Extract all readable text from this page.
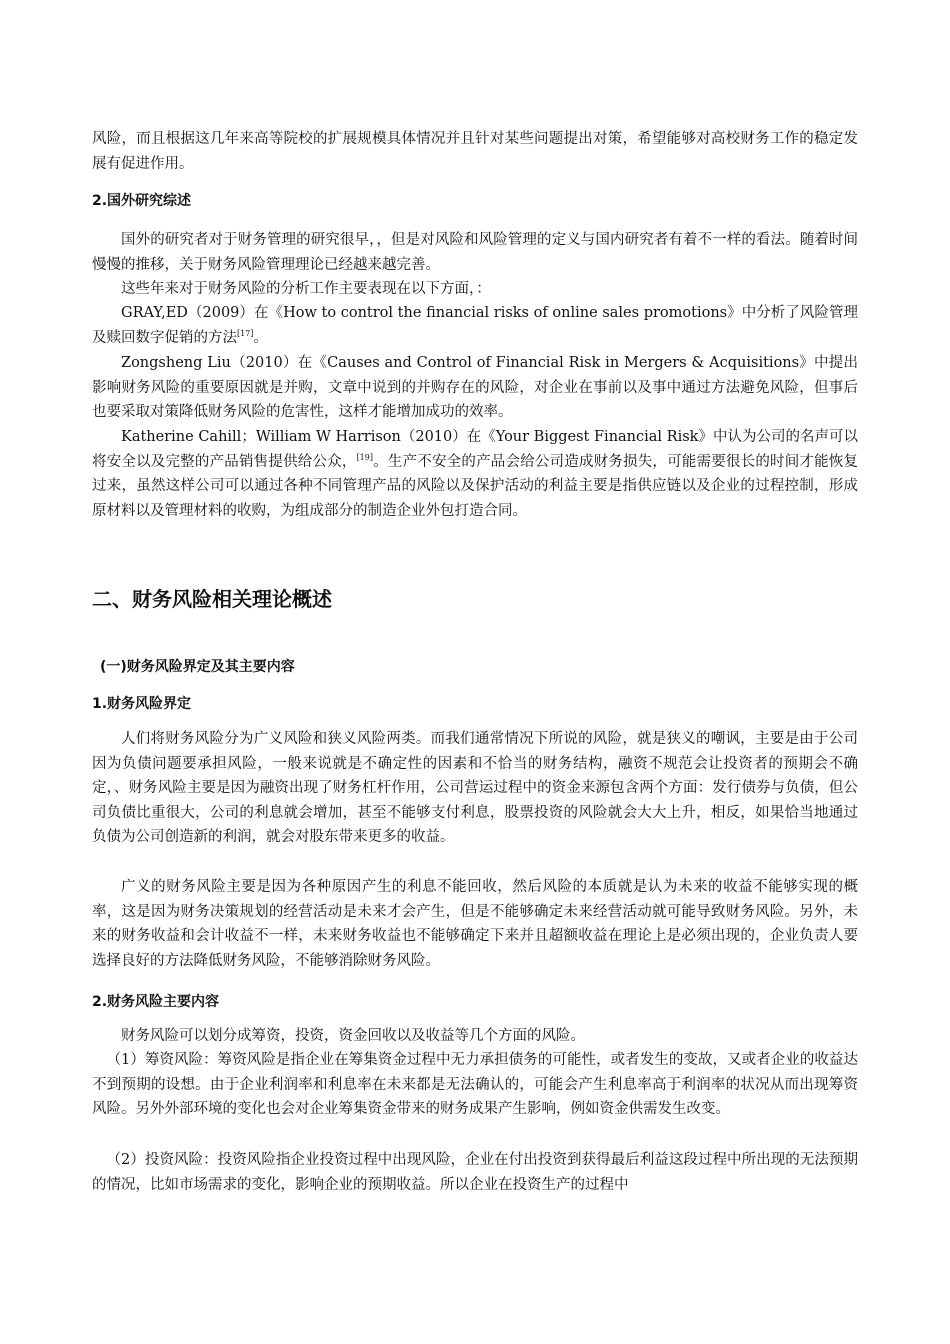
风险，而且根据这几年来高等院校的扩展规模具体情况并且针对某些问题提出对策，希望能够对高校财务工作的稳定发展有促进作用。

2.国外研究综述

国外的研究者对于财务管理的研究很早，，但是对风险和风险管理的定义与国内研究者有着不一样的看法。随着时间慢慢的推移，关于财务风险管理理论已经越来越完善。

这些年来对于财务风险的分析工作主要表现在以下方面，：

GRAY,ED（2009）在《How to control the financial risks of online sales promotions》中分析了风险管理及赎回数字促销的方法[17]。

Zongsheng Liu（2010）在《Causes and Control of Financial Risk in Mergers & Acquisitions》中提出影响财务风险的重要原因就是并购，文章中说到的并购存在的风险，对企业在事前以及事中通过方法避免风险，但事后也要采取对策降低财务风险的危害性，这样才能增加成功的效率。

Katherine Cahill；William W Harrison（2010）在《Your Biggest Financial Risk》中认为公司的名声可以将安全以及完整的产品销售提供给公众，[19]。生产不安全的产品会给公司造成财务损失，可能需要很长的时间才能恢复过来，虽然这样公司可以通过各种不同管理产品的风险以及保护活动的利益主要是指供应链以及企业的过程控制，形成原材料以及管理材料的收购，为组成部分的制造企业外包打造合同。

二、财务风险相关理论概述

(一)财务风险界定及其主要内容

1.财务风险界定

人们将财务风险分为广义风险和狭义风险两类。而我们通常情况下所说的风险，就是狭义的嘲讽，主要是由于公司因为负债问题要承担风险，一般来说就是不确定性的因素和不恰当的财务结构，融资不规范会让投资者的预期会不确定，、财务风险主要是因为融资出现了财务杠杆作用，公司营运过程中的资金来源包含两个方面：发行债券与负债，但公司负债比重很大，公司的利息就会增加，甚至不能够支付利息，股票投资的风险就会大大上升，相反，如果恰当地通过负债为公司创造新的利润，就会对股东带来更多的收益。

广义的财务风险主要是因为各种原因产生的利息不能回收，然后风险的本质就是认为未来的收益不能够实现的概率，这是因为财务决策规划的经营活动是未来才会产生，但是不能够确定未来经营活动就可能导致财务风险。另外，未来的财务收益和会计收益不一样，未来财务收益也不能够确定下来并且超额收益在理论上是必须出现的，企业负责人要选择良好的方法降低财务风险，不能够消除财务风险。

2.财务风险主要内容

财务风险可以划分成筹资，投资，资金回收以及收益等几个方面的风险。

（1）筹资风险：筹资风险是指企业在筹集资金过程中无力承担债务的可能性，或者发生的变故，又或者企业的收益达不到预期的设想。由于企业利润率和利息率在未来都是无法确认的，可能会产生利息率高于利润率的状况从而出现筹资风险。另外外部环境的变化也会对企业筹集资金带来的财务成果产生影响，例如资金供需发生改变。

（2）投资风险：投资风险指企业投资过程中出现风险，企业在付出投资到获得最后利益这段过程中所出现的无法预期的情况，比如市场需求的变化，影响企业的预期收益。所以企业在投资生产的过程中
